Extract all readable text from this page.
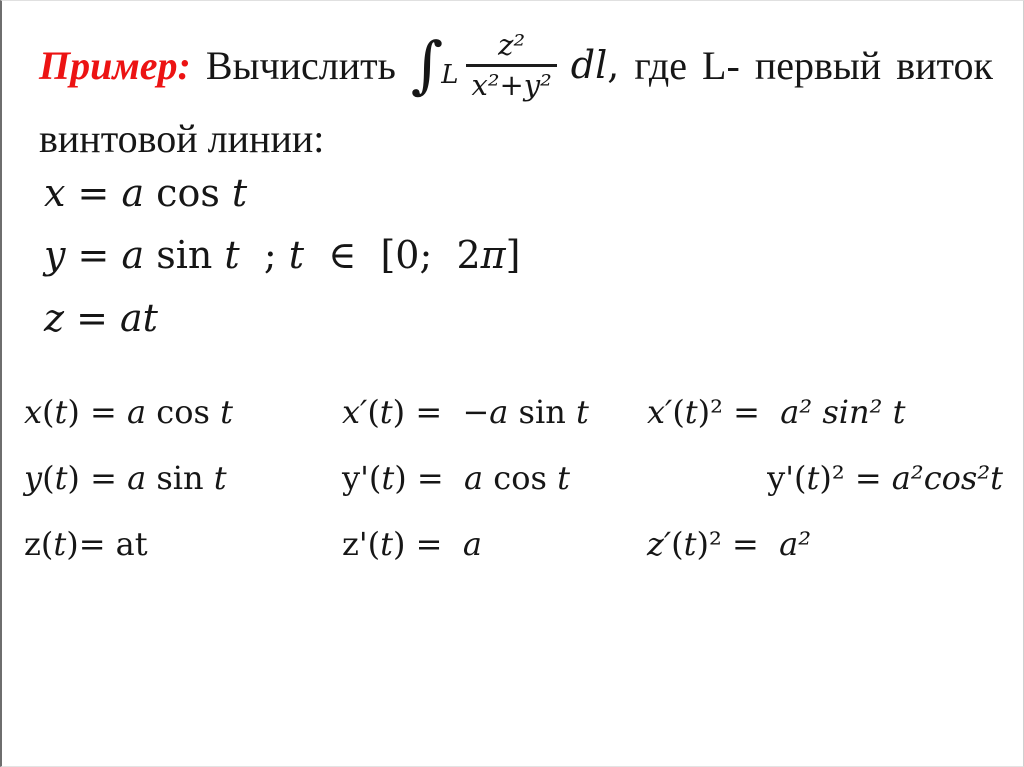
Пример: Вычислить ∫
L $\frac{\text{z²}}{\text{x²+y²}}$ dl, где L- первый виток
винтовой линии:
x = a cos t
y = a sin t  ; t  ∈  [0;  2π]
z = at
x(t) = a cos t	x′(t) =  −a sin t	x′(t)² =  a² sin² t
y(t) = a sin t	y'(t) =  a cos t	y'(t)² = a²cos²t
z(t)= at	z'(t) =  a	z′(t)² =  a²
